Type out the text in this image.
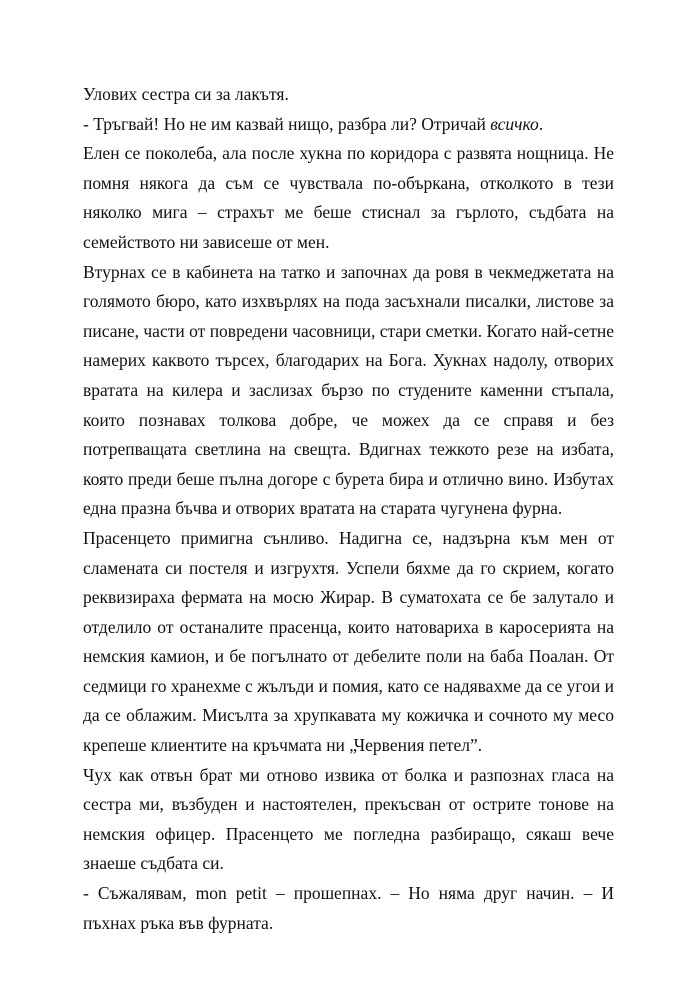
Улових сестра си за лакътя.

- Тръгвай! Но не им казвай нищо, разбра ли? Отричай всичко.

Елен се поколеба, ала после хукна по коридора с развята нощница. Не помня някога да съм се чувствала по-объркана, отколкото в тези няколко мига – страхът ме беше стиснал за гърлото, съдбата на семейството ни зависеше от мен.

Втурнах се в кабинета на татко и започнах да ровя в чекмеджетата на голямото бюро, като изхвърлях на пода засъхнали писалки, листове за писане, части от повредени часовници, стари сметки. Когато най-сетне намерих каквото търсех, благодарих на Бога. Хукнах надолу, отворих вратата на килера и заслизах бързо по студените каменни стъпала, които познавах толкова добре, че можех да се справя и без потрепващата светлина на свещта. Вдигнах тежкото резе на избата, която преди беше пълна догоре с бурета бира и отлично вино. Избутах една празна бъчва и отворих вратата на старата чугунена фурна.

Прасенцето примигна сънливо. Надигна се, надзърна към мен от сламената си постеля и изгрухтя. Успели бяхме да го скрием, когато реквизираха фермата на мосю Жирар. В суматохата се бе залутало и отделило от останалите прасенца, които натовариха в каросерията на немския камион, и бе погълнато от дебелите поли на баба Поалан. От седмици го хранехме с жълъди и помия, като се надявахме да се угои и да се облажим. Мисълта за хрупкавата му кожичка и сочното му месо крепеше клиентите на кръчмата ни „Червения петел”.

Чух как отвън брат ми отново извика от болка и разпознах гласа на сестра ми, възбуден и настоятелен, прекъсван от острите тонове на немския офицер. Прасенцето ме погледна разбиращо, сякаш вече знаеше съдбата си.

- Съжалявам, mon petit – прошепнах. – Но няма друг начин. – И пъхнах ръка във фурната.
